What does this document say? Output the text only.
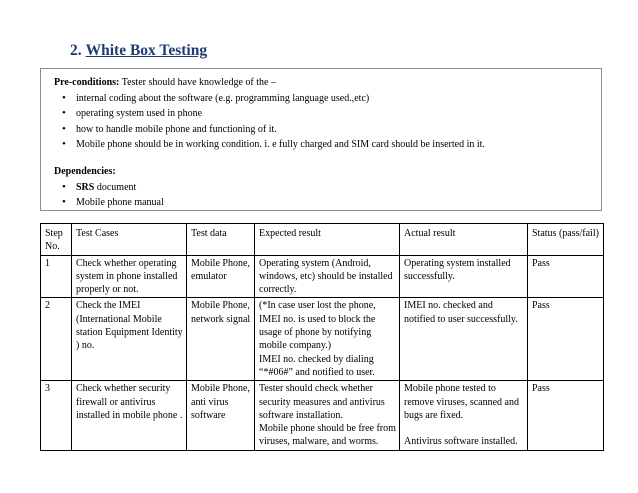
2. White Box Testing
Pre-conditions: Tester should have knowledge of the –
• internal coding about the software (e.g. programming language used.,etc)
• operating system used in phone
• how to handle mobile phone and functioning of it.
• Mobile phone should be in working condition. i. e fully charged and SIM card should be inserted in it.
Dependencies:
• SRS document
• Mobile phone manual
Step No.	Test Cases	Test data	Expected result	Actual result	Status (pass/fail)
1	Check whether operating system in phone installed properly or not.	Mobile Phone, emulator	Operating system (Android, windows, etc) should be installed correctly.	Operating system installed successfully.	Pass
2	Check the IMEI (International Mobile station Equipment Identity ) no.	Mobile Phone, network signal	(*In case user lost the phone, IMEI no. is used to block the usage of phone by notifying mobile company.)
IMEI no. checked by dialing “*#06#” and notified to user.	IMEI no. checked and notified to user successfully.	Pass
3	Check whether security firewall or antivirus installed in mobile phone .	Mobile Phone, anti virus software	Tester should check whether security measures and antivirus software installation.
Mobile phone should be free from viruses, malware, and worms.	Mobile phone tested to remove viruses, scanned and bugs are fixed.
Antivirus software installed.	Pass
